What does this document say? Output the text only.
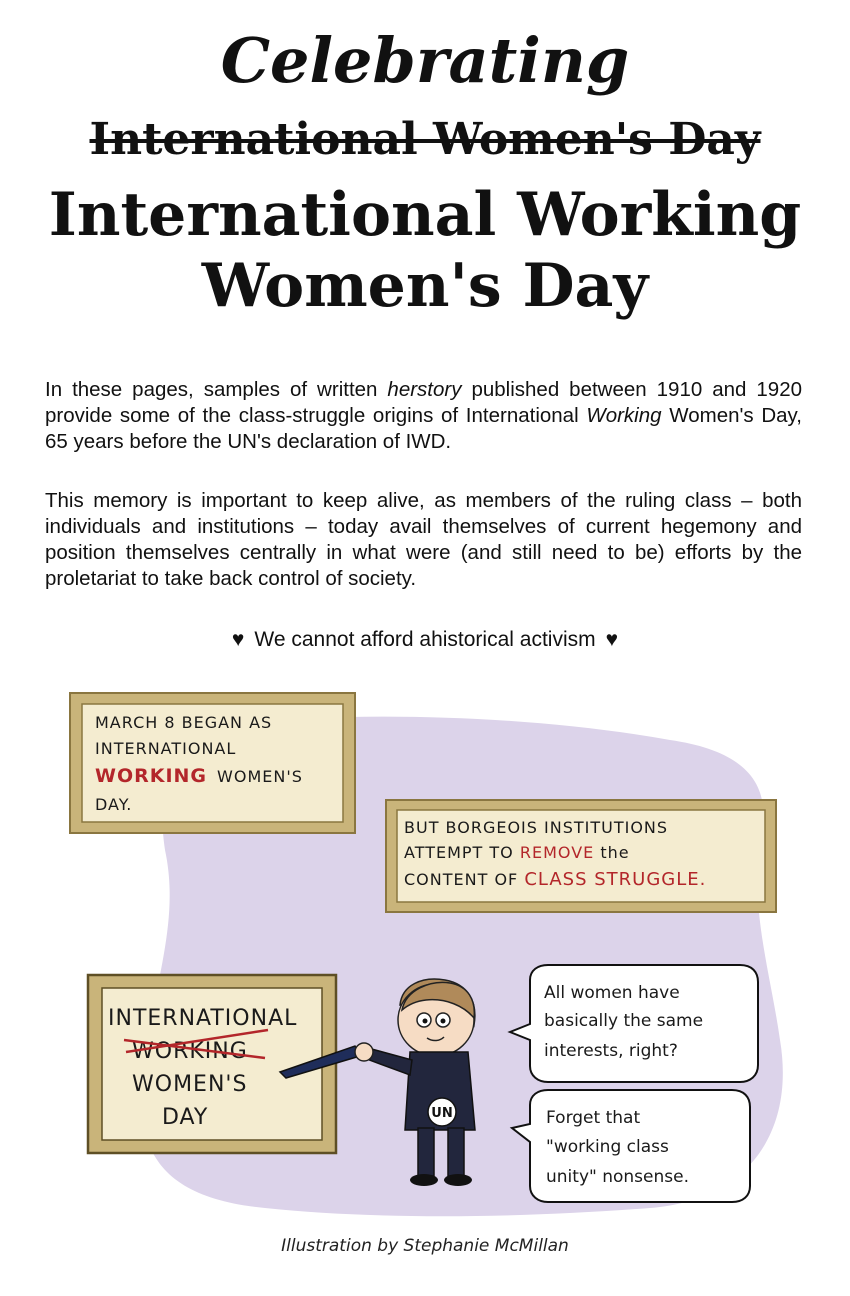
Celebrating
International Women's Day
International Working
Women's Day
In these pages, samples of written herstory published between 1910 and 1920 provide some of the class-struggle origins of International Working Women's Day, 65 years before the UN's declaration of IWD.
This memory is important to keep alive, as members of the ruling class – both individuals and institutions – today avail themselves of current hegemony and position themselves centrally in what were (and still need to be) efforts by the proletariat to take back control of society.
♥ We cannot afford ahistorical activism ♥
MARCH 8 BEGAN AS
INTERNATIONAL
WORKING WOMEN'S
DAY.
BUT BORGEOIS INSTITUTIONS
ATTEMPT TO REMOVE the
CONTENT OF CLASS STRUGGLE.
INTERNATIONAL
WORKING
WOMEN'S
DAY	UN
All women have
basically the same
interests, right?
Forget that
"working class
unity" nonsense.
Illustration by Stephanie McMillan
